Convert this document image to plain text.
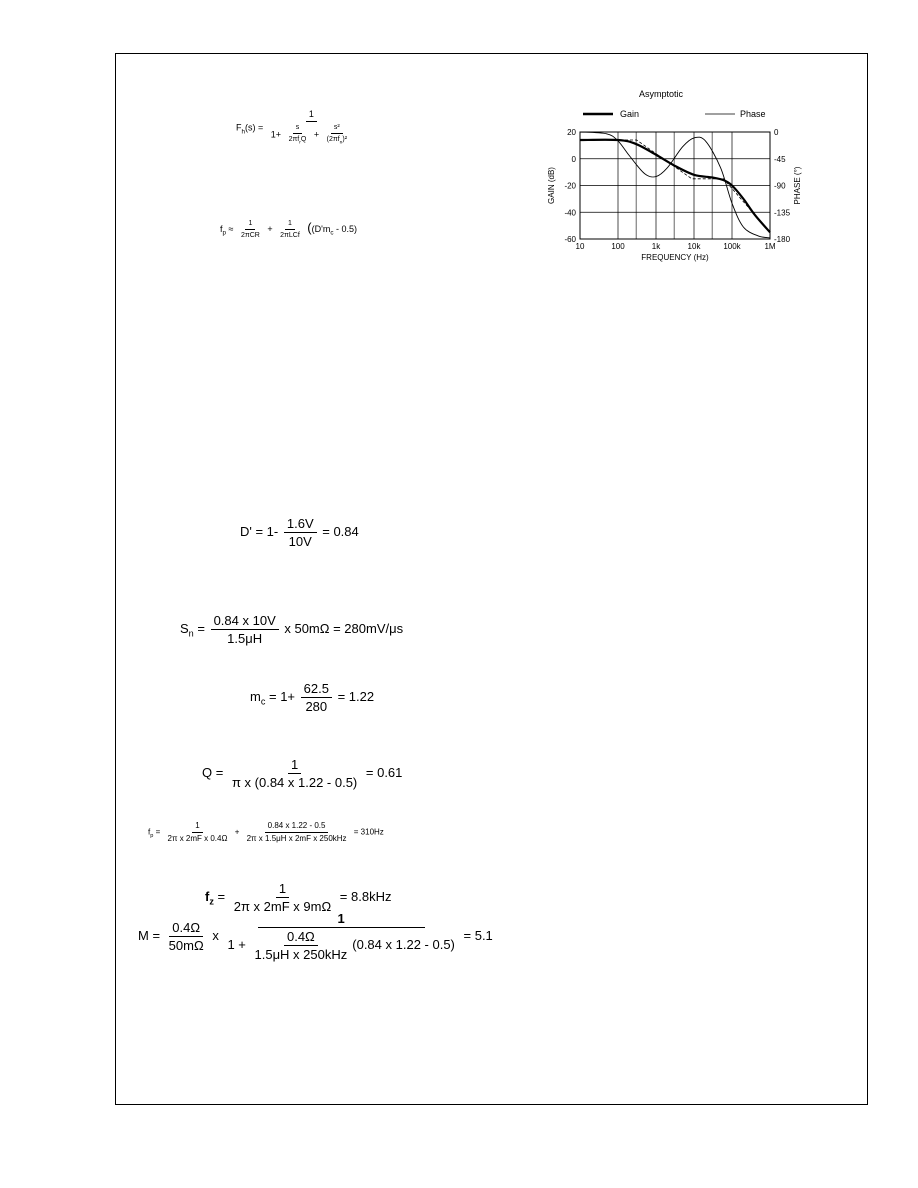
Asymptotic
Gain	Phase
10	100	1k	10k	100k	1M
20
0
-20
-40
-60
0
-45
-90
-135
-180
FREQUENCY (Hz)
GAIN (dB)	PHASE (°)
$F_h(s) = \frac{1}{1+ \frac{s}{2\pi f_rQ} + \frac{\text{s²}}{(2\pi f_n)^2}}$
$f_p \approx \frac{1}{\text{2πCR}} + \frac{1}{\text{2πLCf}} ((D'm_c - 0.5)$
$D' = 1- \frac{1.6V}{10V} = 0.84$
$S_n = \frac{0.84 x 10V}{1.5\mu H}$ x 50mΩ = 280mV/μs
$m_c = 1+ \frac{62.5}{280} = 1.22$
$Q = \frac{1}{\text{π x (0.84 x 1.22 - 0.5)}} = 0.61$
$f_p = \frac{1}{\text{2π x 2mF x 0.4Ω}} + \frac{0.84 x 1.22 - 0.5}{\text{2π x 1.5μH x 2mF x 250kHz}} = 310Hz$
$f_z = \frac{1}{\text{2π x 2mF x 9mΩ}} = 8.8kHz$
$M = \frac{0.4\Omega}{50m\Omega}$ x $\frac{1}{1 + \frac{0.4\Omega}{\text{1.5μH x 250kHz}} (0.84 x 1.22 - 0.5)} = 5.1$
